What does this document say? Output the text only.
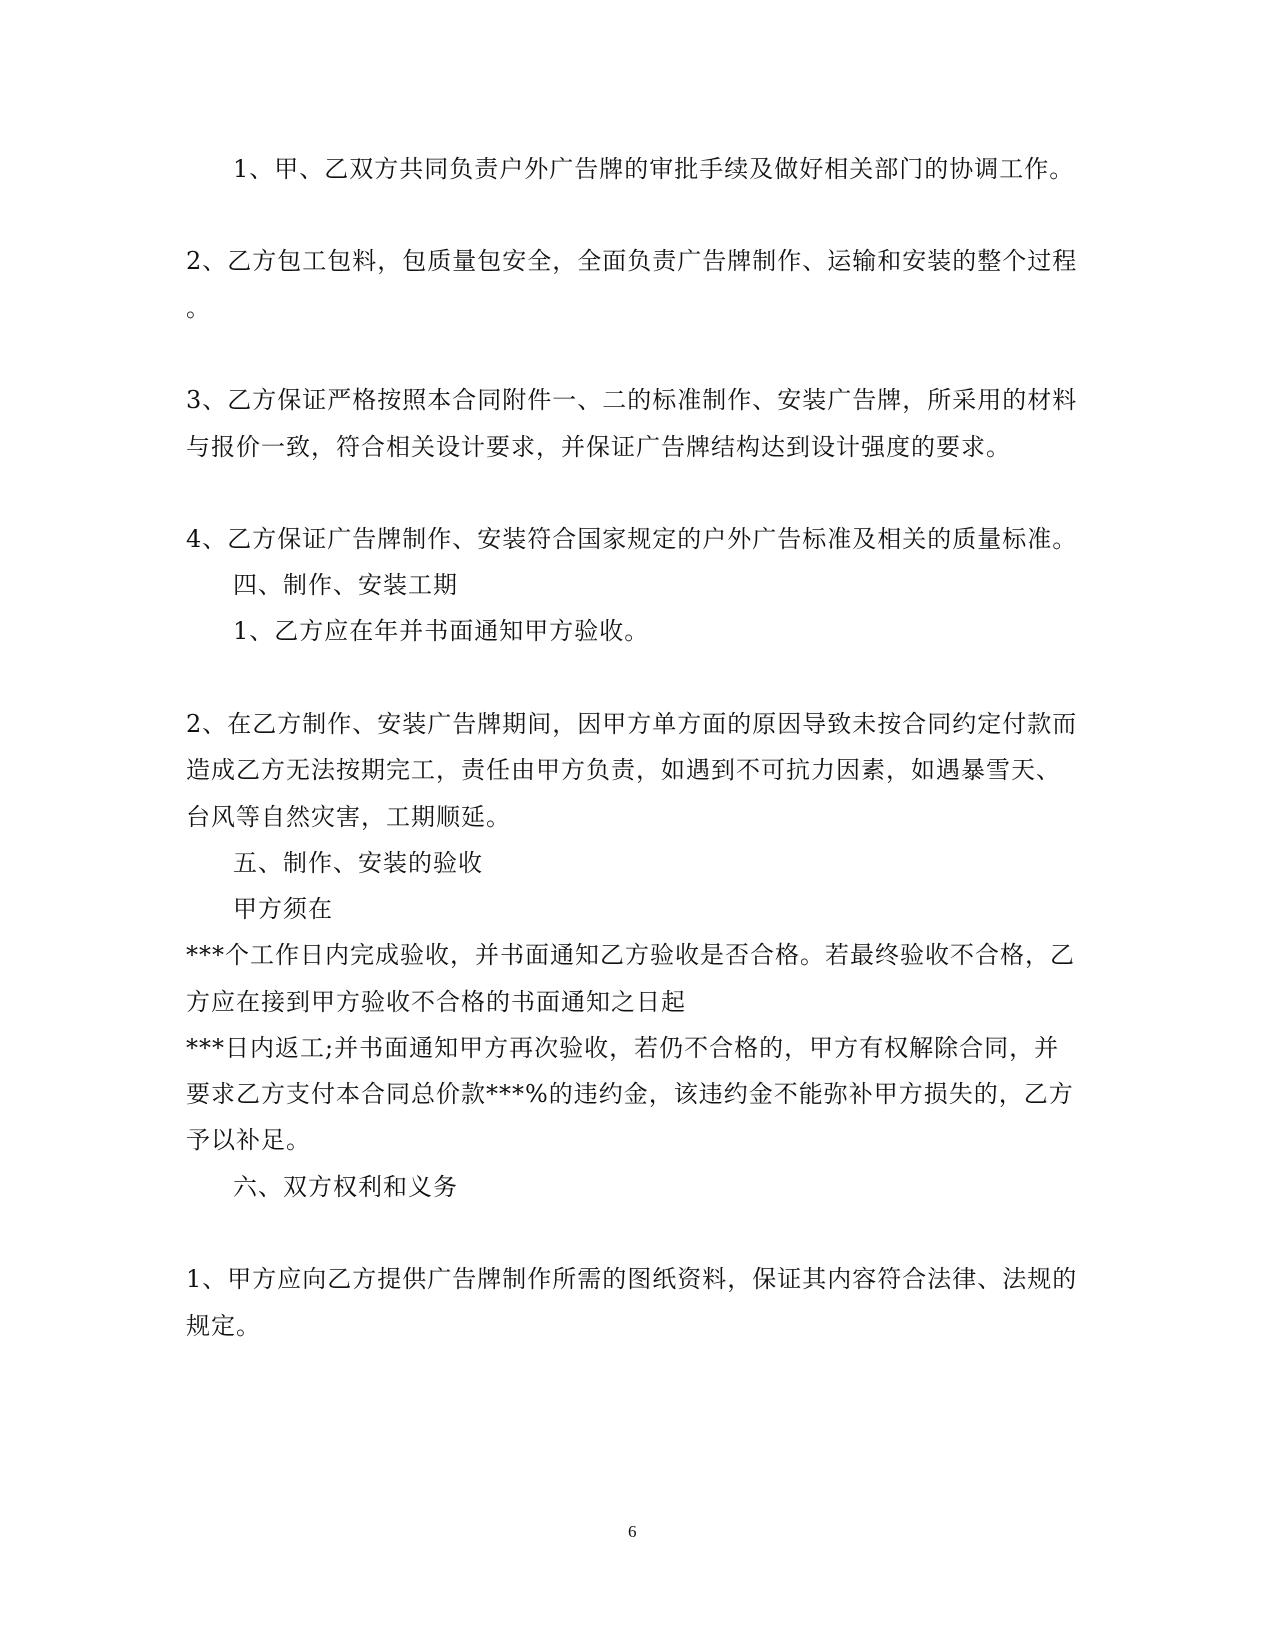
1、甲、乙双方共同负责户外广告牌的审批手续及做好相关部门的协调工作。
2、乙方包工包料，包质量包安全，全面负责广告牌制作、运输和安装的整个过程
。
3、乙方保证严格按照本合同附件一、二的标准制作、安装广告牌，所采用的材料
与报价一致，符合相关设计要求，并保证广告牌结构达到设计强度的要求。
4、乙方保证广告牌制作、安装符合国家规定的户外广告标准及相关的质量标准。
四、制作、安装工期
1、乙方应在年并书面通知甲方验收。
2、在乙方制作、安装广告牌期间，因甲方单方面的原因导致未按合同约定付款而
造成乙方无法按期完工，责任由甲方负责，如遇到不可抗力因素，如遇暴雪天、
台风等自然灾害，工期顺延。
五、制作、安装的验收
甲方须在
***个工作日内完成验收，并书面通知乙方验收是否合格。若最终验收不合格，乙
方应在接到甲方验收不合格的书面通知之日起
***日内返工;并书面通知甲方再次验收，若仍不合格的，甲方有权解除合同，并
要求乙方支付本合同总价款***%的违约金，该违约金不能弥补甲方损失的，乙方
予以补足。
六、双方权利和义务
1、甲方应向乙方提供广告牌制作所需的图纸资料，保证其内容符合法律、法规的
规定。
6
